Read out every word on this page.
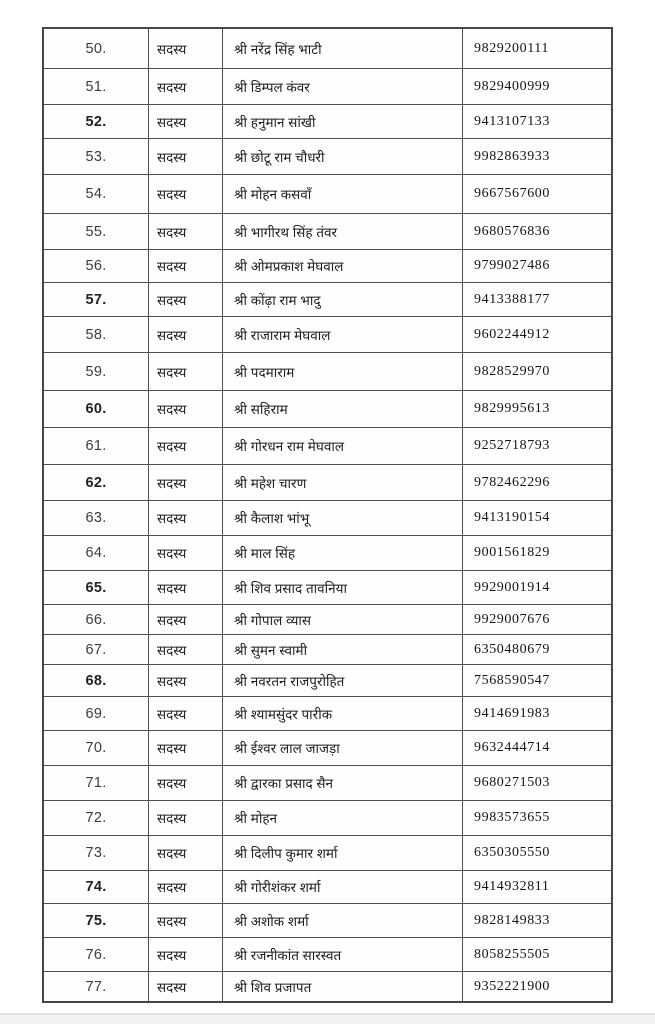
50.	सदस्य	श्री नरेंद्र सिंह भाटी	9829200111
51.	सदस्य	श्री डिम्पल कंवर	9829400999
52.	सदस्य	श्री हनुमान सांखी	9413107133
53.	सदस्य	श्री छोटू राम चौधरी	9982863933
54.	सदस्य	श्री मोहन कसवाँ	9667567600
55.	सदस्य	श्री भागीरथ सिंह तंवर	9680576836
56.	सदस्य	श्री ओमप्रकाश मेघवाल	9799027486
57.	सदस्य	श्री कोंढ़ा राम भादु	9413388177
58.	सदस्य	श्री राजाराम मेघवाल	9602244912
59.	सदस्य	श्री पदमाराम	9828529970
60.	सदस्य	श्री सहिराम	9829995613
61.	सदस्य	श्री गोरधन राम मेघवाल	9252718793
62.	सदस्य	श्री महेश चारण	9782462296
63.	सदस्य	श्री कैलाश भांभू	9413190154
64.	सदस्य	श्री माल सिंह	9001561829
65.	सदस्य	श्री शिव प्रसाद तावनिया	9929001914
66.	सदस्य	श्री गोपाल व्यास	9929007676
67.	सदस्य	श्री सुमन स्वामी	6350480679
68.	सदस्य	श्री नवरतन राजपुरोहित	7568590547
69.	सदस्य	श्री श्यामसुंदर पारीक	9414691983
70.	सदस्य	श्री ईश्वर लाल जाजड़ा	9632444714
71.	सदस्य	श्री द्वारका प्रसाद सैन	9680271503
72.	सदस्य	श्री मोहन	9983573655
73.	सदस्य	श्री दिलीप कुमार शर्मा	6350305550
74.	सदस्य	श्री गोरीशंकर शर्मा	9414932811
75.	सदस्य	श्री अशोक शर्मा	9828149833
76.	सदस्य	श्री रजनीकांत सारस्वत	8058255505
77.	सदस्य	श्री शिव प्रजापत	9352221900
